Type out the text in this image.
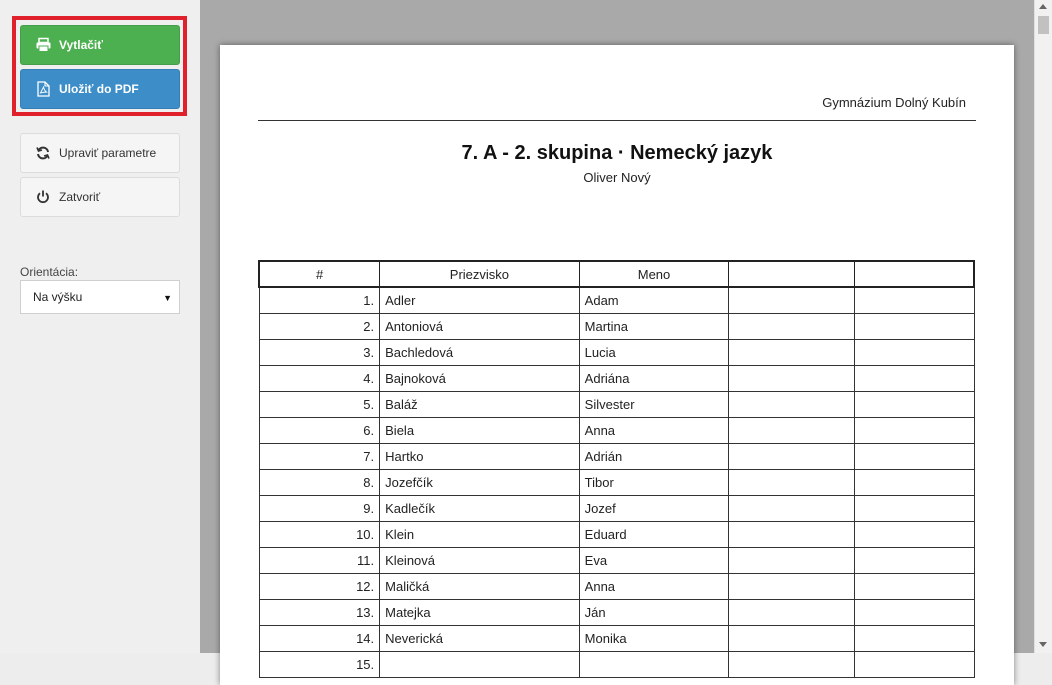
Vytlačiť
Uložiť do PDF
Upraviť parametre
Zatvoriť
Orientácia:
Na výšku	▼
Gymnázium Dolný Kubín
7. A - 2. skupina · Nemecký jazyk
Oliver Nový
#	Priezvisko	Meno		
1.	Adler	Adam		
2.	Antoniová	Martina		
3.	Bachledová	Lucia		
4.	Bajnoková	Adriána		
5.	Baláž	Silvester		
6.	Biela	Anna		
7.	Hartko	Adrián		
8.	Jozefčík	Tibor		
9.	Kadlečík	Jozef		
10.	Klein	Eduard		
11.	Kleinová	Eva		
12.	Maličká	Anna		
13.	Matejka	Ján		
14.	Neverická	Monika		
15.				
